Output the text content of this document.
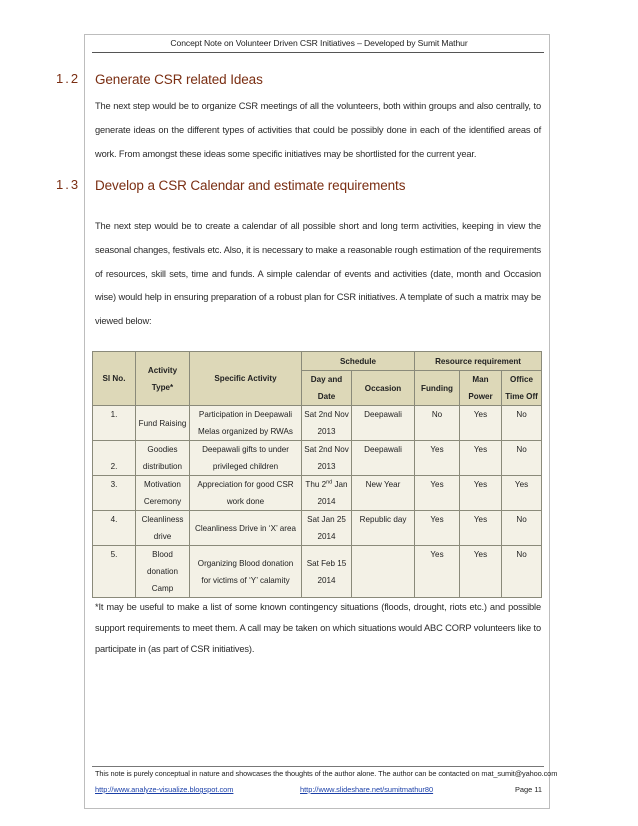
Concept Note on Volunteer Driven CSR Initiatives – Developed by Sumit Mathur
1.2 Generate CSR related Ideas
The next step would be to organize CSR meetings of all the volunteers, both within groups and also centrally, to generate ideas on the different types of activities that could be possibly done in each of the identified areas of work. From amongst these ideas some specific initiatives may be shortlisted for the current year.
1.3 Develop a CSR Calendar and estimate requirements
The next step would be to create a calendar of all possible short and long term activities, keeping in view the seasonal changes, festivals etc. Also, it is necessary to make a reasonable rough estimation of the requirements of resources, skill sets, time and funds. A simple calendar of events and activities (date, month and Occasion wise) would help in ensuring preparation of a robust plan for CSR initiatives. A template of such a matrix may be viewed below:
Sl No.	Activity Type*	Specific Activity	Schedule		Resource requirement		
			Day and Date	Occasion	Funding	Man Power	Office Time Off
1.	Fund Raising	Participation in Deepawali Melas organized by RWAs	Sat 2nd Nov 2013	Deepawali	No	Yes	No
2.	Goodies distribution	Deepawali gifts to under privileged children	Sat 2nd Nov 2013	Deepawali	Yes	Yes	No
3.	Motivation Ceremony	Appreciation for good CSR work done	Thu 2nd Jan 2014	New Year	Yes	Yes	Yes
4.	Cleanliness drive	Cleanliness Drive in ‘X’ area	Sat Jan 25 2014	Republic day	Yes	Yes	No
5.	Blood donation Camp	Organizing Blood donation for victims of ‘Y’ calamity	Sat Feb 15 2014		Yes	Yes	No
*It may be useful to make a list of some known contingency situations (floods, drought, riots etc.) and possible support requirements to meet them. A call may be taken on which situations would ABC CORP volunteers like to participate in (as part of CSR initiatives).
This note is purely conceptual in nature and showcases the thoughts of the author alone. The author can be contacted on mat_sumit@yahoo.com
http://www.analyze-visualize.blogspot.com	http://www.slideshare.net/sumitmathur80	Page 11
